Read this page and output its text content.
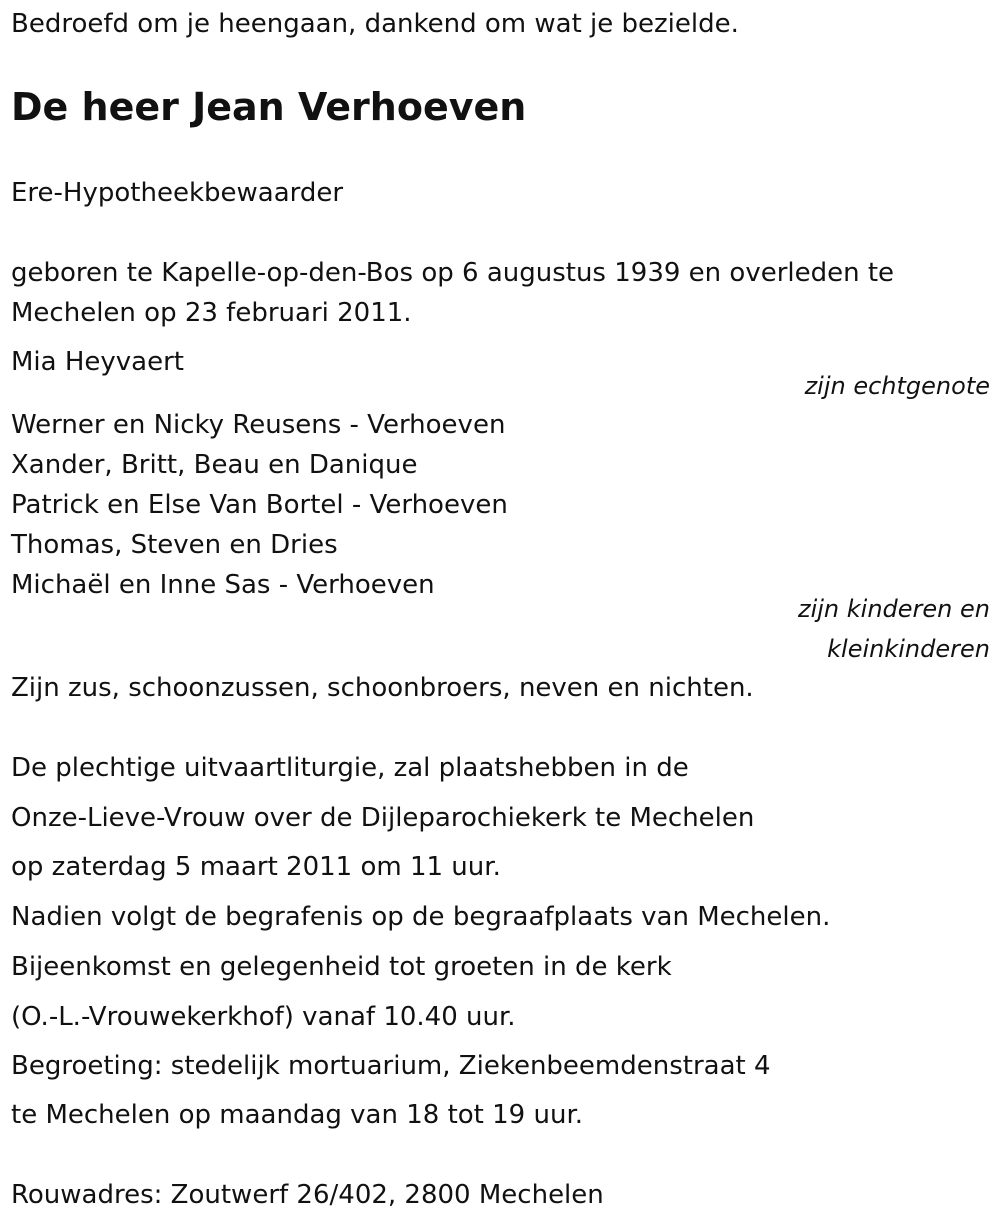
Bedroefd om je heengaan, dankend om wat je bezielde.
De heer Jean Verhoeven
Ere-Hypotheekbewaarder
geboren te Kapelle-op-den-Bos op 6 augustus 1939 en overleden te
Mechelen op 23 februari 2011.
Mia Heyvaert
zijn echtgenote
Werner en Nicky Reusens - Verhoeven
Xander, Britt, Beau en Danique
Patrick en Else Van Bortel - Verhoeven
Thomas, Steven en Dries
Michaël en Inne Sas - Verhoeven
zijn kinderen en
kleinkinderen
Zijn zus, schoonzussen, schoonbroers, neven en nichten.
De plechtige uitvaartliturgie, zal plaatshebben in de
Onze-Lieve-Vrouw over de Dijleparochiekerk te Mechelen
op zaterdag 5 maart 2011 om 11 uur.
Nadien volgt de begrafenis op de begraafplaats van Mechelen.
Bijeenkomst en gelegenheid tot groeten in de kerk
(O.-L.-Vrouwekerkhof) vanaf 10.40 uur.
Begroeting: stedelijk mortuarium, Ziekenbeemdenstraat 4
te Mechelen op maandag van 18 tot 19 uur.
Rouwadres: Zoutwerf 26/402, 2800 Mechelen
